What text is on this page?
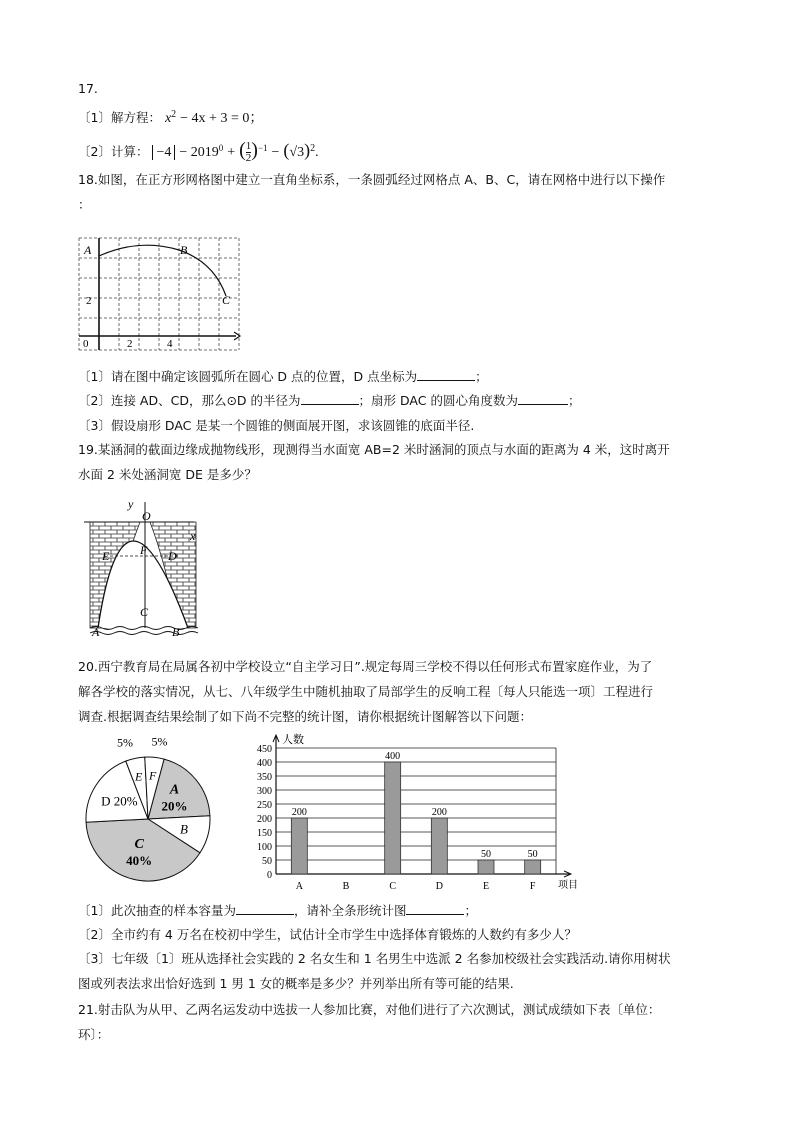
17.
〔1〕解方程： $x^2 - 4x + 3 = 0$；
〔2〕计算： $-4 - 2019^0$ + ( $\frac{1}{2} )^{-1} - (√3)^2$.
18.如图，在正方形网格图中建立一直角坐标系，一条圆弧经过网格点 A、B、C，请在网格中进行以下操作
：
A	B
C
2
0	2	4
〔1〕请在图中确定该圆弧所在圆心 D 点的位置，D 点坐标为	；
〔2〕连接 AD、CD，那么⊙D 的半径为	；扇形 DAC 的圆心角度数为	；
〔3〕假设扇形 DAC 是某一个圆锥的侧面展开图，求该圆锥的底面半径.
19.某涵洞的截面边缘成抛物线形，现测得当水面宽 AB=2 米时涵洞的顶点与水面的距离为 4 米，这时离开
水面 2 米处涵洞宽 DE 是多少？
y
O
x
E	F D
C
A	B
20.西宁教育局在局属各初中学校设立“自主学习日”.规定每周三学校不得以任何形式布置家庭作业，为了
解各学校的落实情况，从七、八年级学生中随机抽取了局部学生的反响工程〔每人只能选一项〕工程进行
调查.根据调查结果绘制了如下尚不完整的统计图，请你根据统计图解答以下问题：
A
20%
B
C
40%
D 20%
E
5%
F
5%
0
50
100
150
200
250
300
350
400
450
人数
项目
200
A	B
400
C
200
D
50
E
50
F
〔1〕此次抽查的样本容量为	，请补全条形统计图	；
〔2〕全市约有 4 万名在校初中学生，试估计全市学生中选择体育锻炼的人数约有多少人？
〔3〕七年级〔1〕班从选择社会实践的 2 名女生和 1 名男生中选派 2 名参加校级社会实践活动.请你用树状
图或列表法求出恰好选到 1 男 1 女的概率是多少？并列举出所有等可能的结果.
21.射击队为从甲、乙两名运发动中选拔一人参加比赛，对他们进行了六次测试，测试成绩如下表〔单位：
环〕：
